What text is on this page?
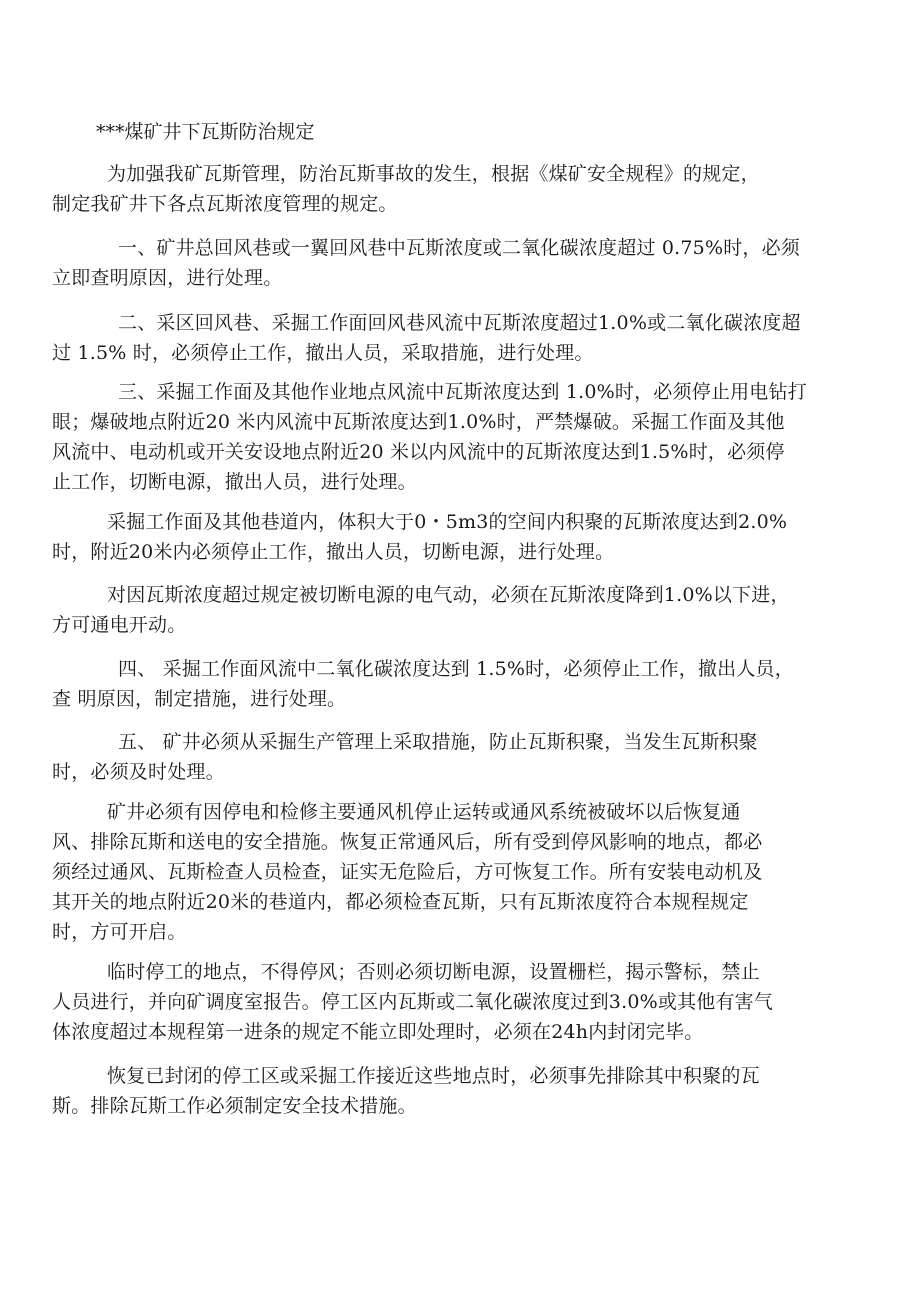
***煤矿井下瓦斯防治规定
为加强我矿瓦斯管理，防治瓦斯事故的发生，根据《煤矿安全规程》的规定，
制定我矿井下各点瓦斯浓度管理的规定。
一、矿井总回风巷或一翼回风巷中瓦斯浓度或二氧化碳浓度超过 0.75%时，必须
立即查明原因，进行处理。
二、采区回风巷、采掘工作面回风巷风流中瓦斯浓度超过1.0%或二氧化碳浓度超
过 1.5% 时，必须停止工作，撤出人员，采取措施，进行处理。
三、采掘工作面及其他作业地点风流中瓦斯浓度达到 1.0%时，必须停止用电钻打
眼；爆破地点附近20 米内风流中瓦斯浓度达到1.0%时，严禁爆破。采掘工作面及其他
风流中、电动机或开关安设地点附近20 米以内风流中的瓦斯浓度达到1.5%时，必须停
止工作，切断电源，撤出人员，进行处理。
采掘工作面及其他巷道内，体积大于0・5m3的空间内积聚的瓦斯浓度达到2.0%
时，附近20米内必须停止工作，撤出人员，切断电源，进行处理。
对因瓦斯浓度超过规定被切断电源的电气动，必须在瓦斯浓度降到1.0%以下进，
方可通电开动。
四、 采掘工作面风流中二氧化碳浓度达到 1.5%时，必须停止工作，撤出人员，
查 明原因，制定措施，进行处理。
五、 矿井必须从采掘生产管理上采取措施，防止瓦斯积聚，当发生瓦斯积聚
时，必须及时处理。
矿井必须有因停电和检修主要通风机停止运转或通风系统被破坏以后恢复通
风、排除瓦斯和送电的安全措施。恢复正常通风后，所有受到停风影响的地点，都必
须经过通风、瓦斯检查人员检查，证实无危险后，方可恢复工作。所有安装电动机及
其开关的地点附近20米的巷道内，都必须检查瓦斯，只有瓦斯浓度符合本规程规定
时，方可开启。
临时停工的地点，不得停风；否则必须切断电源，设置栅栏，揭示警标，禁止
人员进行，并向矿调度室报告。停工区内瓦斯或二氧化碳浓度过到3.0%或其他有害气
体浓度超过本规程第一进条的规定不能立即处理时，必须在24h内封闭完毕。
恢复已封闭的停工区或采掘工作接近这些地点时，必须事先排除其中积聚的瓦
斯。排除瓦斯工作必须制定安全技术措施。
